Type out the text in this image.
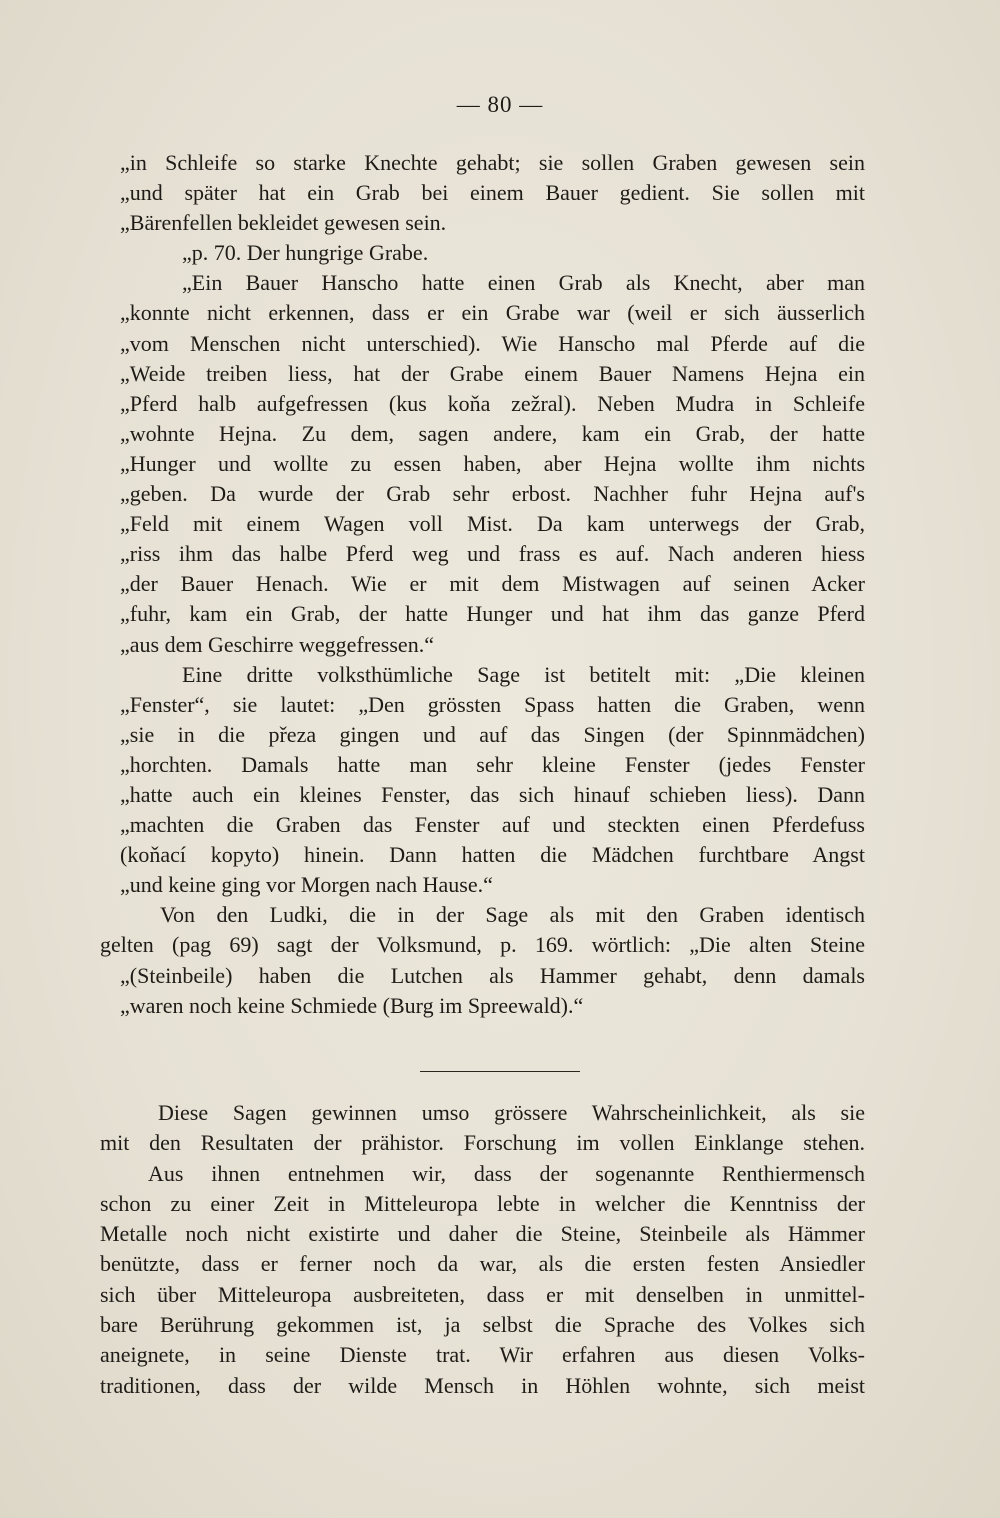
— 80 —
„in Schleife so starke Knechte gehabt; sie sollen Graben gewesen sein
„und später hat ein Grab bei einem Bauer gedient. Sie sollen mit
„Bärenfellen bekleidet gewesen sein.
„p. 70. Der hungrige Grabe.
„Ein Bauer Hanscho hatte einen Grab als Knecht, aber man
„konnte nicht erkennen, dass er ein Grabe war (weil er sich äusserlich
„vom Menschen nicht unterschied). Wie Hanscho mal Pferde auf die
„Weide treiben liess, hat der Grabe einem Bauer Namens Hejna ein
„Pferd halb aufgefressen (kus koňa zežral). Neben Mudra in Schleife
„wohnte Hejna. Zu dem, sagen andere, kam ein Grab, der hatte
„Hunger und wollte zu essen haben, aber Hejna wollte ihm nichts
„geben. Da wurde der Grab sehr erbost. Nachher fuhr Hejna auf's
„Feld mit einem Wagen voll Mist. Da kam unterwegs der Grab,
„riss ihm das halbe Pferd weg und frass es auf. Nach anderen hiess
„der Bauer Henach. Wie er mit dem Mistwagen auf seinen Acker
„fuhr, kam ein Grab, der hatte Hunger und hat ihm das ganze Pferd
„aus dem Geschirre weggefressen.“
Eine dritte volksthümliche Sage ist betitelt mit: „Die kleinen
„Fenster“, sie lautet: „Den grössten Spass hatten die Graben, wenn
„sie in die přeza gingen und auf das Singen (der Spinnmädchen)
„horchten. Damals hatte man sehr kleine Fenster (jedes Fenster
„hatte auch ein kleines Fenster, das sich hinauf schieben liess). Dann
„machten die Graben das Fenster auf und steckten einen Pferdefuss
(koňací kopyto) hinein. Dann hatten die Mädchen furchtbare Angst
„und keine ging vor Morgen nach Hause.“
Von den Ludki, die in der Sage als mit den Graben identisch
gelten (pag 69) sagt der Volksmund, p. 169. wörtlich: „Die alten Steine
„(Steinbeile) haben die Lutchen als Hammer gehabt, denn damals
„waren noch keine Schmiede (Burg im Spreewald).“
Diese Sagen gewinnen umso grössere Wahrscheinlichkeit, als sie
mit den Resultaten der prähistor. Forschung im vollen Einklange stehen.
Aus ihnen entnehmen wir, dass der sogenannte Renthiermensch
schon zu einer Zeit in Mitteleuropa lebte in welcher die Kenntniss der
Metalle noch nicht existirte und daher die Steine, Steinbeile als Hämmer
benützte, dass er ferner noch da war, als die ersten festen Ansiedler
sich über Mitteleuropa ausbreiteten, dass er mit denselben in unmittel-
bare Berührung gekommen ist, ja selbst die Sprache des Volkes sich
aneignete, in seine Dienste trat. Wir erfahren aus diesen Volks-
traditionen, dass der wilde Mensch in Höhlen wohnte, sich meist
